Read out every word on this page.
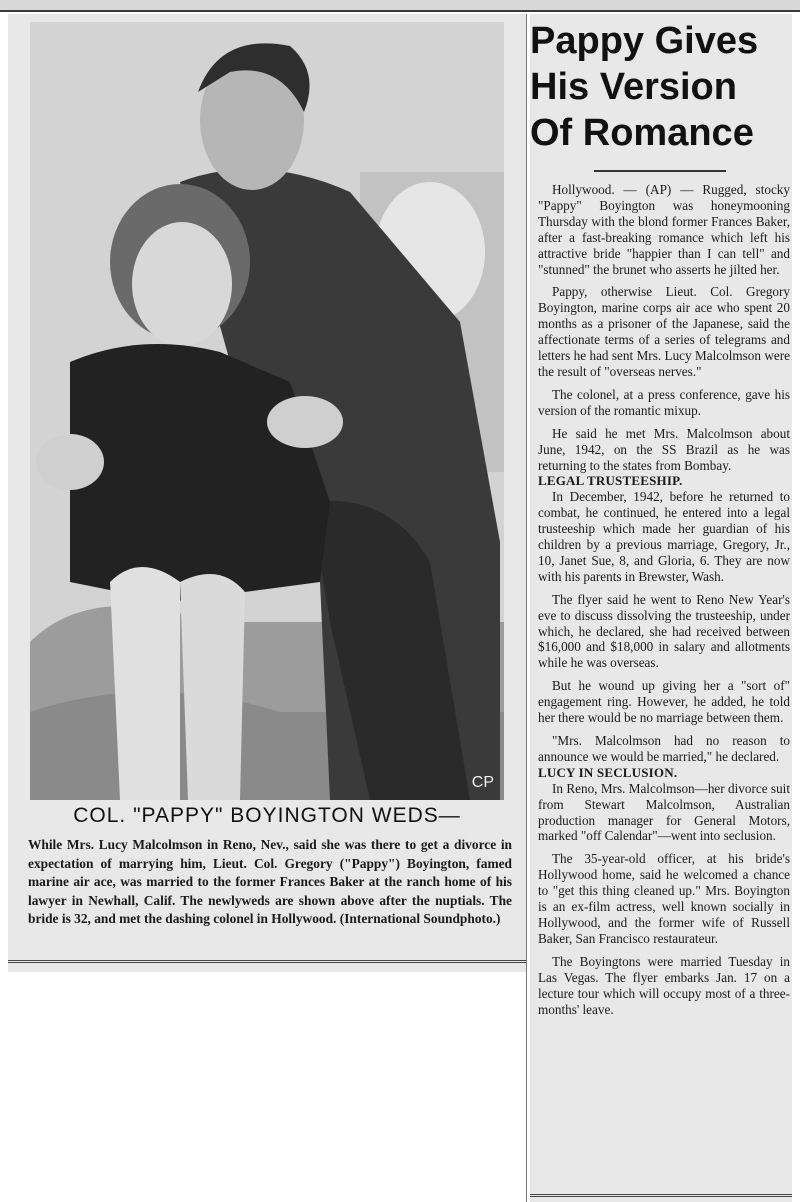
CP
COL. "PAPPY" BOYINGTON WEDS—
While Mrs. Lucy Malcolmson in Reno, Nev., said she was there to get a divorce in expectation of marrying him, Lieut. Col. Gregory ("Pappy") Boyington, famed marine air ace, was married to the former Frances Baker at the ranch home of his lawyer in Newhall, Calif. The newlyweds are shown above after the nuptials. The bride is 32, and met the dashing colonel in Hollywood. (International Soundphoto.)
Pappy Gives
His Version
Of Romance

Hollywood. — (AP) — Rugged, stocky "Pappy" Boyington was honeymooning Thursday with the blond former Frances Baker, after a fast-breaking romance which left his attractive bride "happier than I can tell" and "stunned" the brunet who asserts he jilted her.

Pappy, otherwise Lieut. Col. Gregory Boyington, marine corps air ace who spent 20 months as a prisoner of the Japanese, said the affectionate terms of a series of telegrams and letters he had sent Mrs. Lucy Malcolmson were the result of "overseas nerves."

The colonel, at a press conference, gave his version of the romantic mixup.

He said he met Mrs. Malcolmson about June, 1942, on the SS Brazil as he was returning to the states from Bombay.

LEGAL TRUSTEESHIP.

In December, 1942, before he returned to combat, he continued, he entered into a legal trusteeship which made her guardian of his children by a previous marriage, Gregory, Jr., 10, Janet Sue, 8, and Gloria, 6. They are now with his parents in Brewster, Wash.

The flyer said he went to Reno New Year's eve to discuss dissolving the trusteeship, under which, he declared, she had received between $16,000 and $18,000 in salary and allotments while he was overseas.

But he wound up giving her a "sort of" engagement ring. However, he added, he told her there would be no marriage between them.

"Mrs. Malcolmson had no reason to announce we would be married," he declared.

LUCY IN SECLUSION.

In Reno, Mrs. Malcolmson—her divorce suit from Stewart Malcolmson, Australian production manager for General Motors, marked "off Calendar"—went into seclusion.

The 35-year-old officer, at his bride's Hollywood home, said he welcomed a chance to "get this thing cleaned up." Mrs. Boyington is an ex-film actress, well known socially in Hollywood, and the former wife of Russell Baker, San Francisco restaurateur.

The Boyingtons were married Tuesday in Las Vegas. The flyer embarks Jan. 17 on a lecture tour which will occupy most of a three-months' leave.
